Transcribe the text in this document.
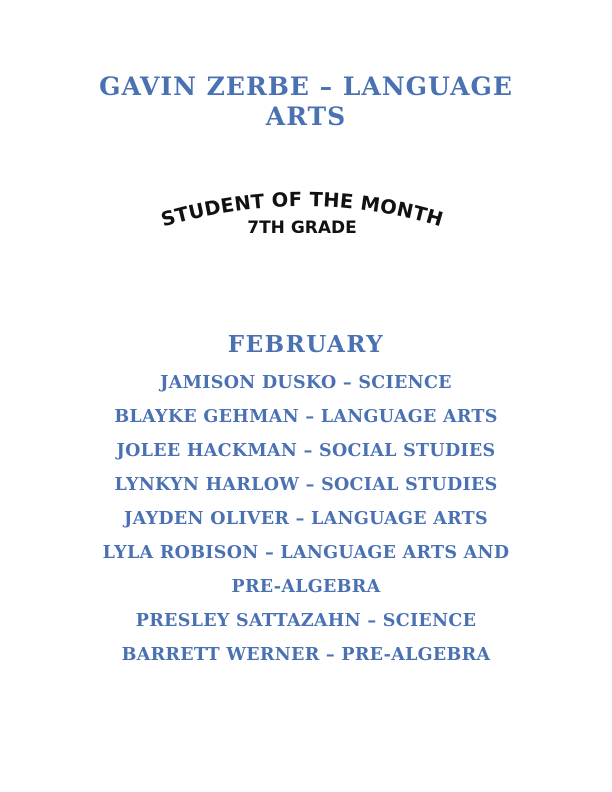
GAVIN ZERBE – LANGUAGE ARTS
STUDENT OF THE MONTH
7TH GRADE
FEBRUARY
JAMISON DUSKO – SCIENCE
BLAYKE GEHMAN – LANGUAGE ARTS
JOLEE HACKMAN – SOCIAL STUDIES
LYNKYN HARLOW – SOCIAL STUDIES
JAYDEN OLIVER – LANGUAGE ARTS
LYLA ROBISON – LANGUAGE ARTS AND
PRE-ALGEBRA
PRESLEY SATTAZAHN – SCIENCE
BARRETT WERNER – PRE-ALGEBRA
